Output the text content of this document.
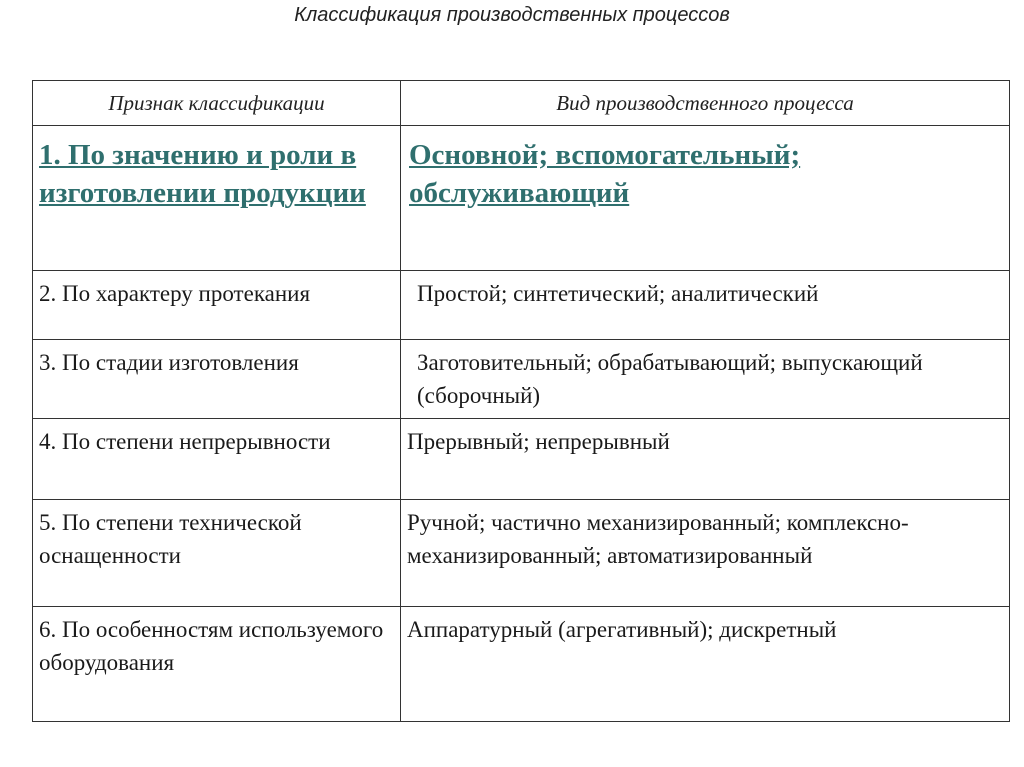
Классификация производственных процессов
Признак классификации	Вид производственного процесса
1. По значению и роли в изготовлении продукции	Основной; вспомогательный; обслуживающий
2. По характеру протекания	Простой; синтетический; аналитический
3. По стадии изготовления	Заготовительный; обрабатывающий; выпускающий (сборочный)
4. По степени непрерывности	Прерывный; непрерывный
5. По степени технической оснащенности	Ручной; частично механизированный; комплексно-механизированный; автоматизированный
6. По особенностям используемого оборудования	Аппаратурный (агрегативный); дискретный
